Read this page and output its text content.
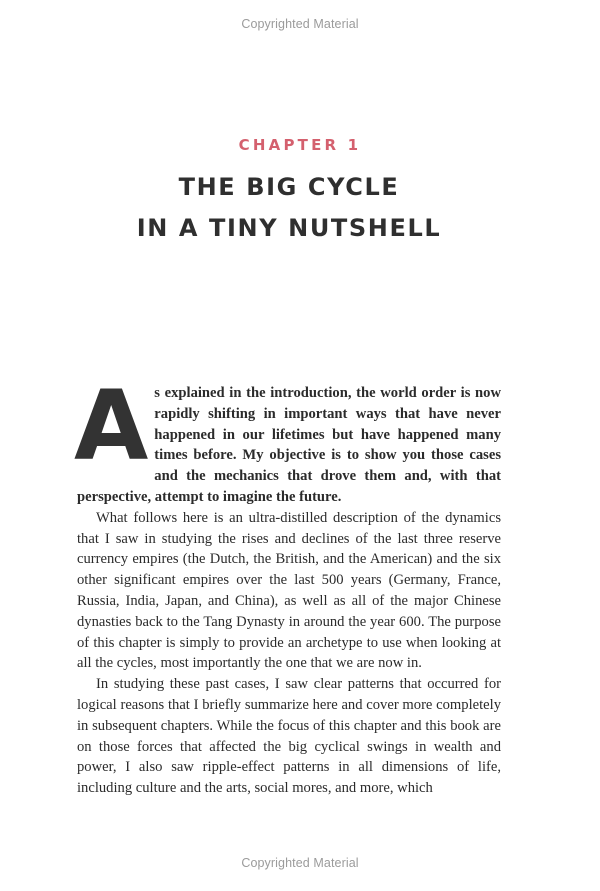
Copyrighted Material
CHAPTER 1
THE BIG CYCLE
IN A TINY NUTSHELL

As explained in the introduction, the world order is now rapidly shifting in important ways that have never happened in our lifetimes but have happened many times before. My objective is to show you those cases and the mechanics that drove them and, with that perspective, attempt to imagine the future.

What follows here is an ultra-distilled description of the dynamics that I saw in studying the rises and declines of the last three reserve currency empires (the Dutch, the British, and the American) and the six other significant empires over the last 500 years (Germany, France, Russia, India, Japan, and China), as well as all of the major Chinese dynasties back to the Tang Dynasty in around the year 600. The purpose of this chapter is simply to provide an archetype to use when looking at all the cycles, most importantly the one that we are now in.

In studying these past cases, I saw clear patterns that occurred for logical reasons that I briefly summarize here and cover more completely in subsequent chapters. While the focus of this chapter and this book are on those forces that affected the big cyclical swings in wealth and power, I also saw ripple-effect patterns in all dimensions of life, including culture and the arts, social mores, and more, which

Copyrighted Material
